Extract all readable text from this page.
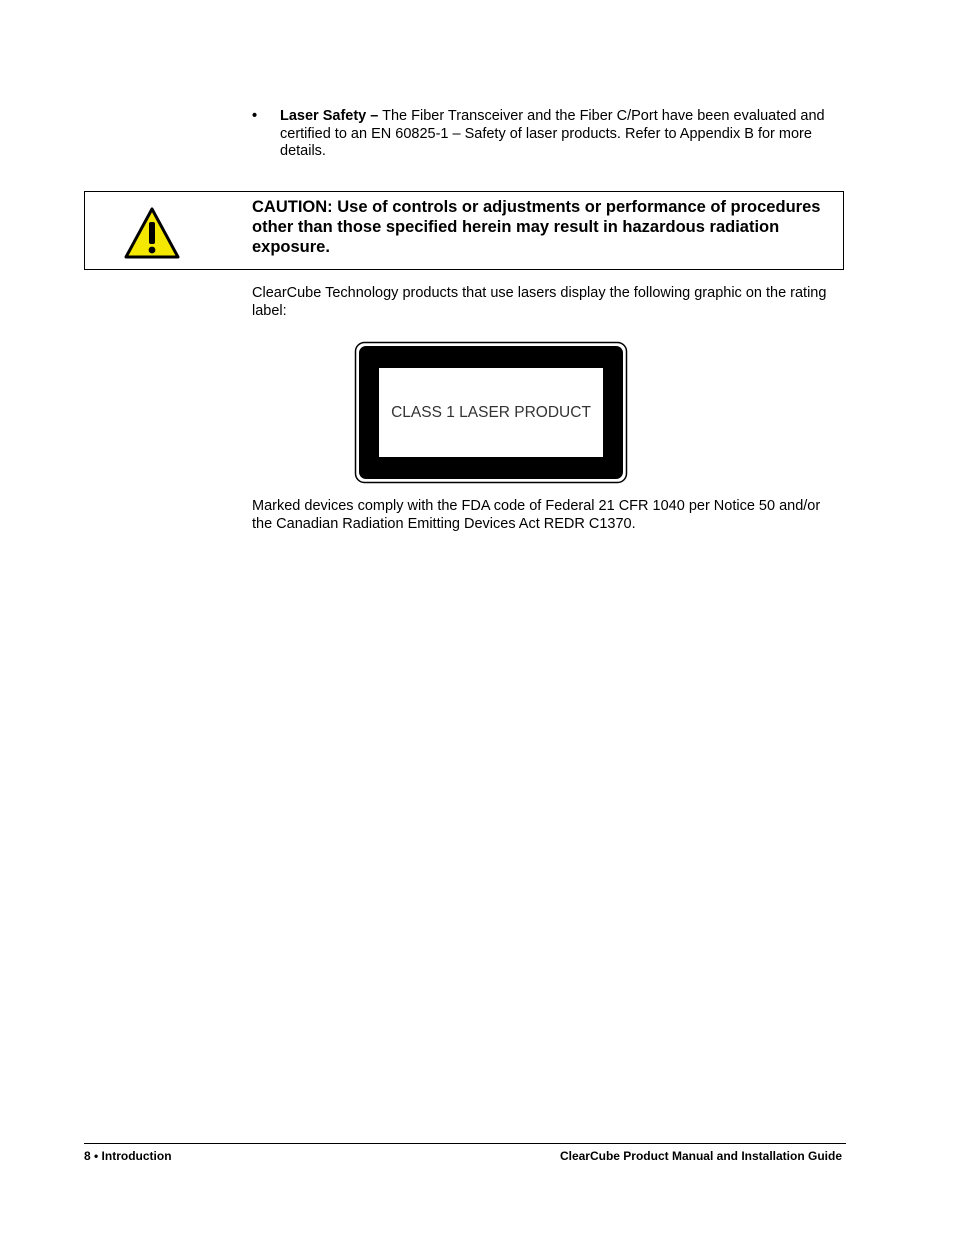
• Laser Safety – The Fiber Transceiver and the Fiber C/Port have been evaluated and certified to an EN 60825-1 – Safety of laser products. Refer to Appendix B for more details.
CAUTION: Use of controls or adjustments or performance of procedures other than those specified herein may result in hazardous radiation exposure.
ClearCube Technology products that use lasers display the following graphic on the rating label:
CLASS 1 LASER PRODUCT
Marked devices comply with the FDA code of Federal 21 CFR 1040 per Notice 50 and/or the Canadian Radiation Emitting Devices Act REDR C1370.
8 • Introduction	ClearCube Product Manual and Installation Guide
